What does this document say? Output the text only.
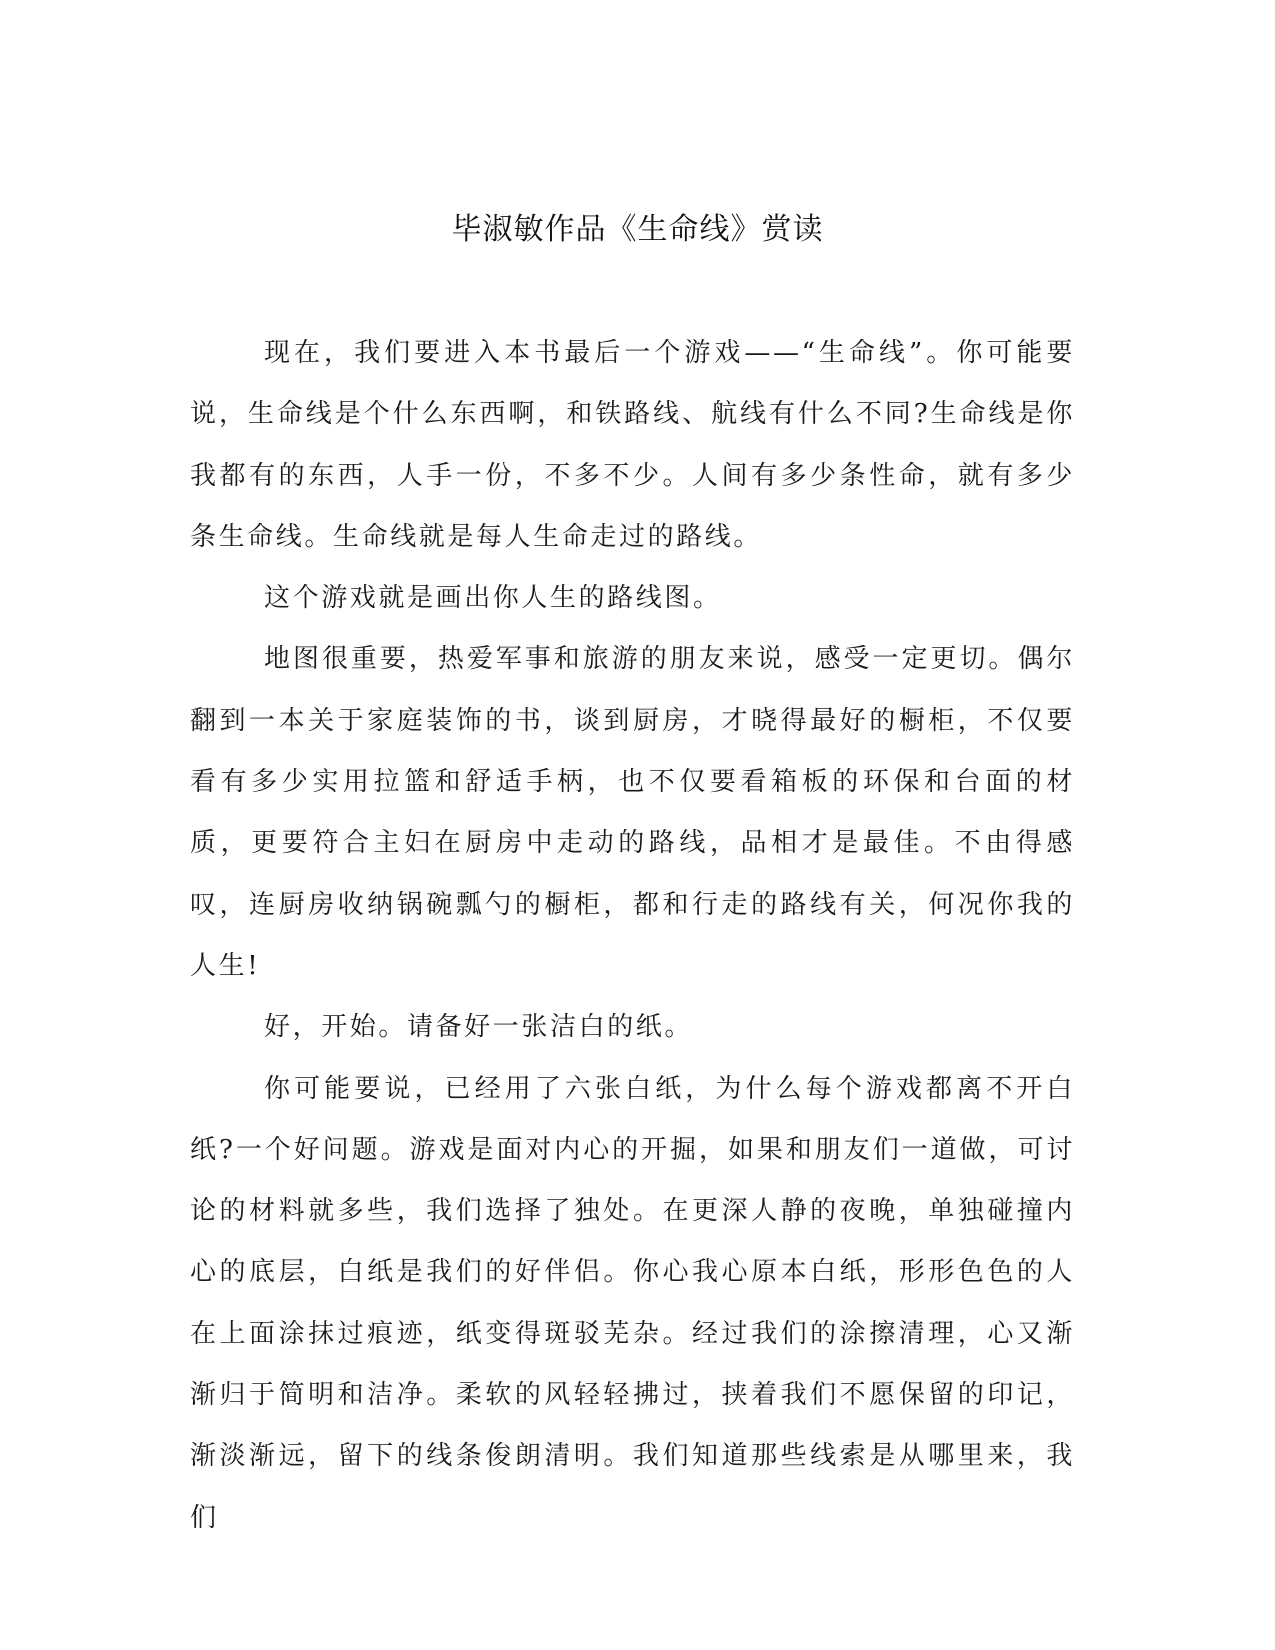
毕淑敏作品《生命线》赏读

现在，我们要进入本书最后一个游戏——“生命线”。你可能要说，生命线是个什么东西啊，和铁路线、航线有什么不同?生命线是你我都有的东西，人手一份，不多不少。人间有多少条性命，就有多少条生命线。生命线就是每人生命走过的路线。

这个游戏就是画出你人生的路线图。

地图很重要，热爱军事和旅游的朋友来说，感受一定更切。偶尔翻到一本关于家庭装饰的书，谈到厨房，才晓得最好的橱柜，不仅要看有多少实用拉篮和舒适手柄，也不仅要看箱板的环保和台面的材质，更要符合主妇在厨房中走动的路线，品相才是最佳。不由得感叹，连厨房收纳锅碗瓢勺的橱柜，都和行走的路线有关，何况你我的人生!

好，开始。请备好一张洁白的纸。

你可能要说，已经用了六张白纸，为什么每个游戏都离不开白纸?一个好问题。游戏是面对内心的开掘，如果和朋友们一道做，可讨论的材料就多些，我们选择了独处。在更深人静的夜晚，单独碰撞内心的底层，白纸是我们的好伴侣。你心我心原本白纸，形形色色的人在上面涂抹过痕迹，纸变得斑驳芜杂。经过我们的涂擦清理，心又渐渐归于简明和洁净。柔软的风轻轻拂过，挟着我们不愿保留的印记，渐淡渐远，留下的线条俊朗清明。我们知道那些线索是从哪里来，我们
